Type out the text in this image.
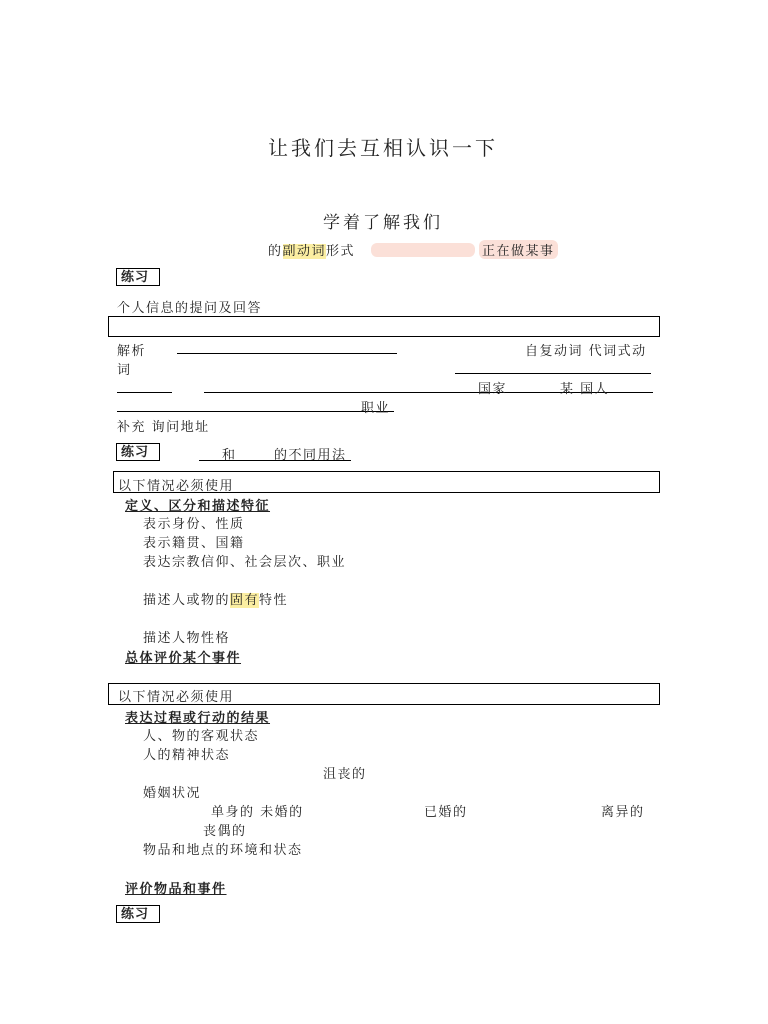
让我们去互相认识一下
学着了解我们
的副动词形式	正在做某事
练习
个人信息的提问及回答
解析	自复动词 代词式动
词
国家	某 国人
职业
补充 询问地址
练习	和	的不同用法
以下情况必须使用
定义、区分和描述特征
表示身份、性质
表示籍贯、国籍
表达宗教信仰、社会层次、职业
描述人或物的固有特性
描述人物性格
总体评价某个事件
以下情况必须使用
表达过程或行动的结果
人、物的客观状态
人的精神状态
沮丧的
婚姻状况
单身的 未婚的	已婚的	离异的
丧偶的
物品和地点的环境和状态
评价物品和事件
练习
